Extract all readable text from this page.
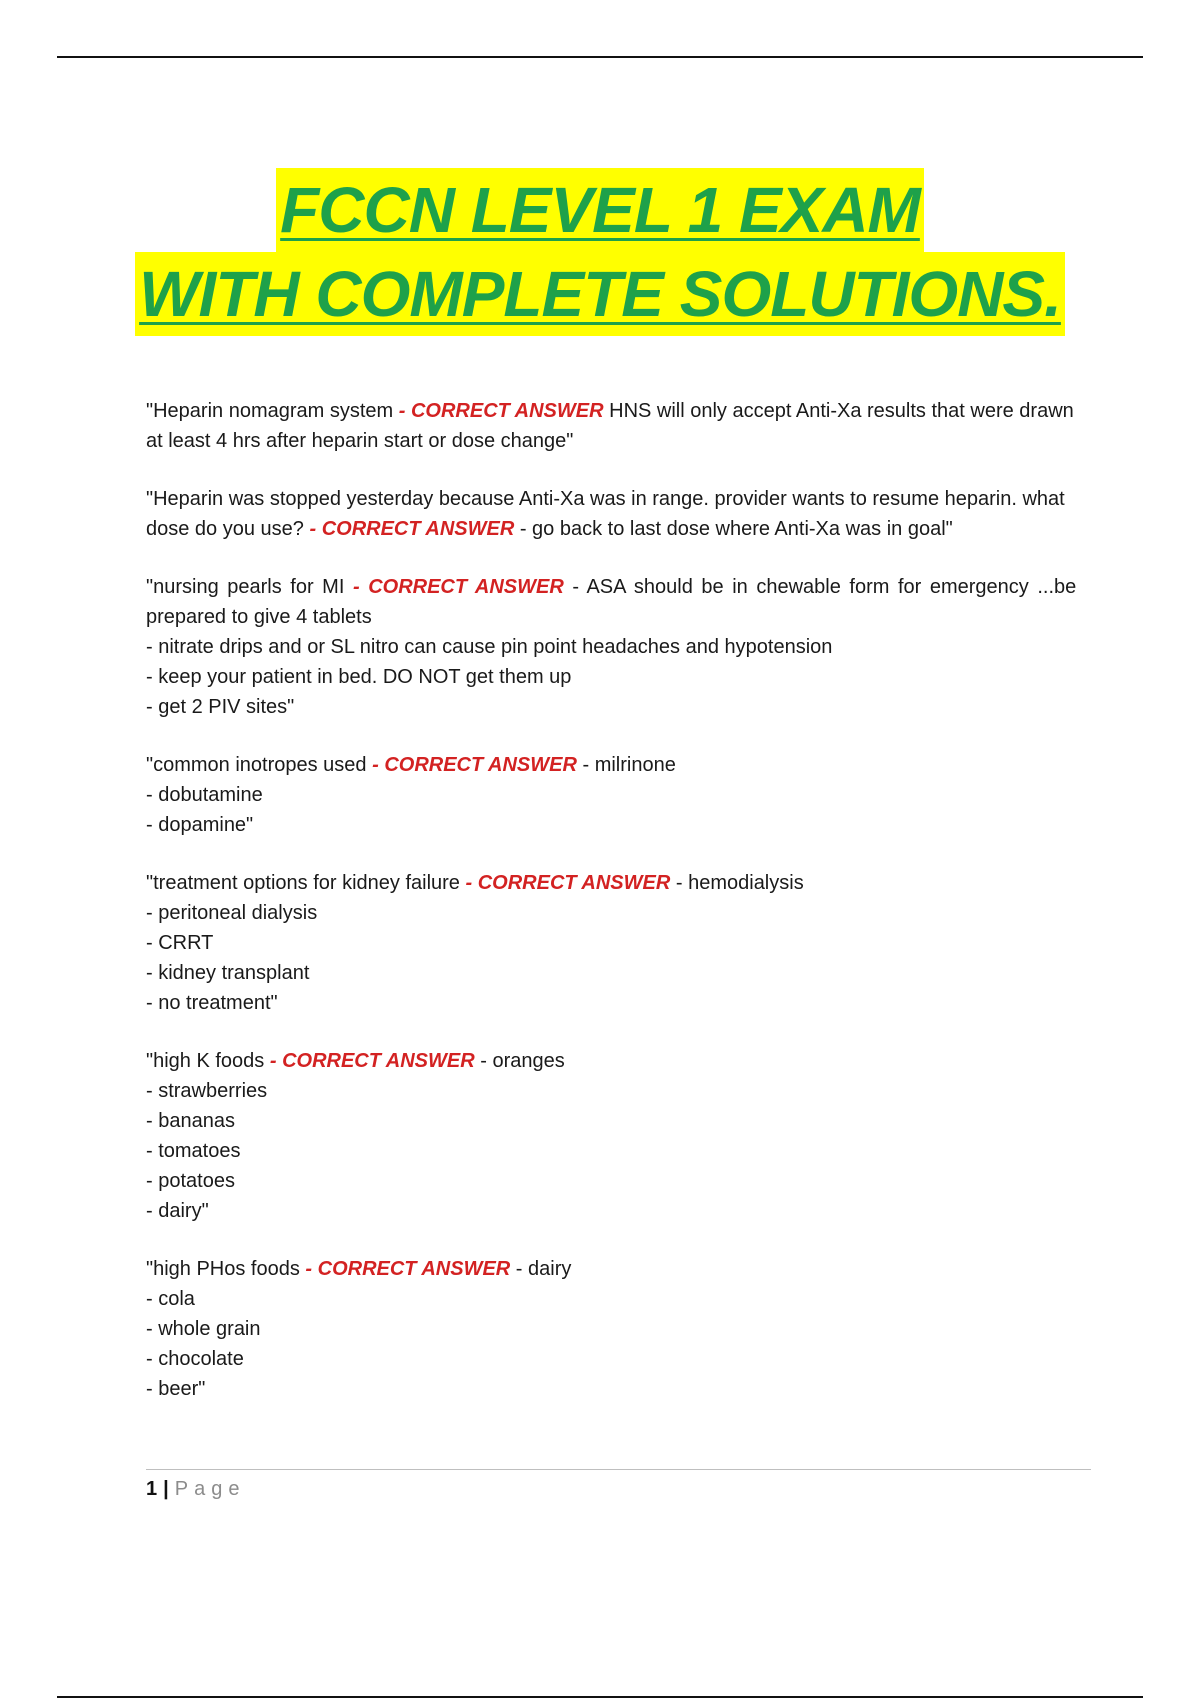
FCCN LEVEL 1 EXAM
WITH COMPLETE SOLUTIONS.
"Heparin nomagram system - CORRECT ANSWER HNS will only accept Anti-Xa results that were drawn
at least 4 hrs after heparin start or dose change"
"Heparin was stopped yesterday because Anti-Xa was in range. provider wants to resume heparin. what
dose do you use? - CORRECT ANSWER - go back to last dose where Anti-Xa was in goal"
"nursing pearls for MI - CORRECT ANSWER - ASA should be in chewable form for emergency ...be
prepared to give 4 tablets
- nitrate drips and or SL nitro can cause pin point headaches and hypotension
- keep your patient in bed. DO NOT get them up
- get 2 PIV sites"
"common inotropes used - CORRECT ANSWER - milrinone
- dobutamine
- dopamine"
"treatment options for kidney failure - CORRECT ANSWER - hemodialysis
- peritoneal dialysis
- CRRT
- kidney transplant
- no treatment"
"high K foods - CORRECT ANSWER - oranges
- strawberries
- bananas
- tomatoes
- potatoes
- dairy"
"high PHos foods - CORRECT ANSWER - dairy
- cola
- whole grain
- chocolate
- beer"
1 | Page
